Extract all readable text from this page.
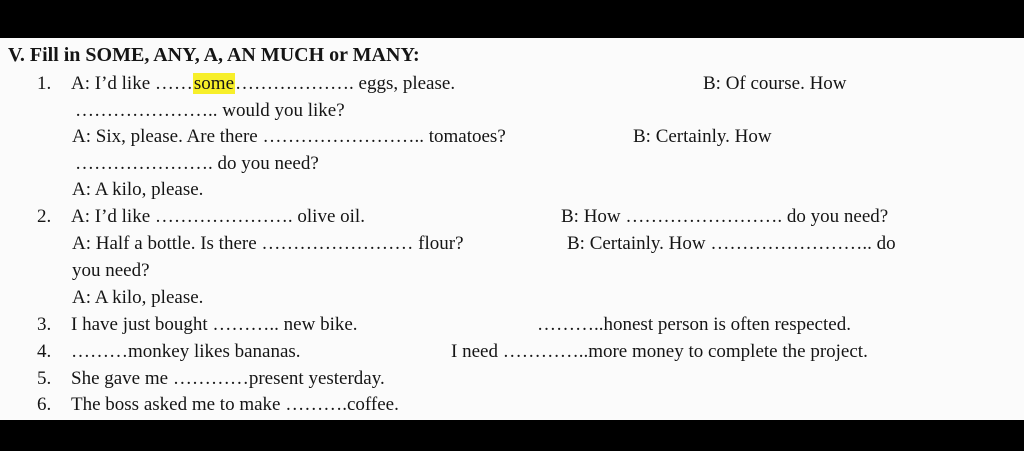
V. Fill in SOME, ANY, A, AN MUCH or MANY:
1. A: I’d like ……some………………. eggs, please.	B: Of course. How
………………….. would you like?
A: Six, please. Are there …………………….. tomatoes?	B: Certainly. How
…………………. do you need?
A: A kilo, please.
2. A: I’d like …………………. olive oil.	B: How ……………………. do you need?
A: Half a bottle. Is there …………………… flour?	B: Certainly. How …………………….. do
you need?
A: A kilo, please.
3. I have just bought ……….. new bike.	………..honest person is often respected.
4. ………monkey likes bananas.	I need …………..more money to complete the project.
5. She gave me …………present yesterday.
6. The boss asked me to make ……….coffee.
